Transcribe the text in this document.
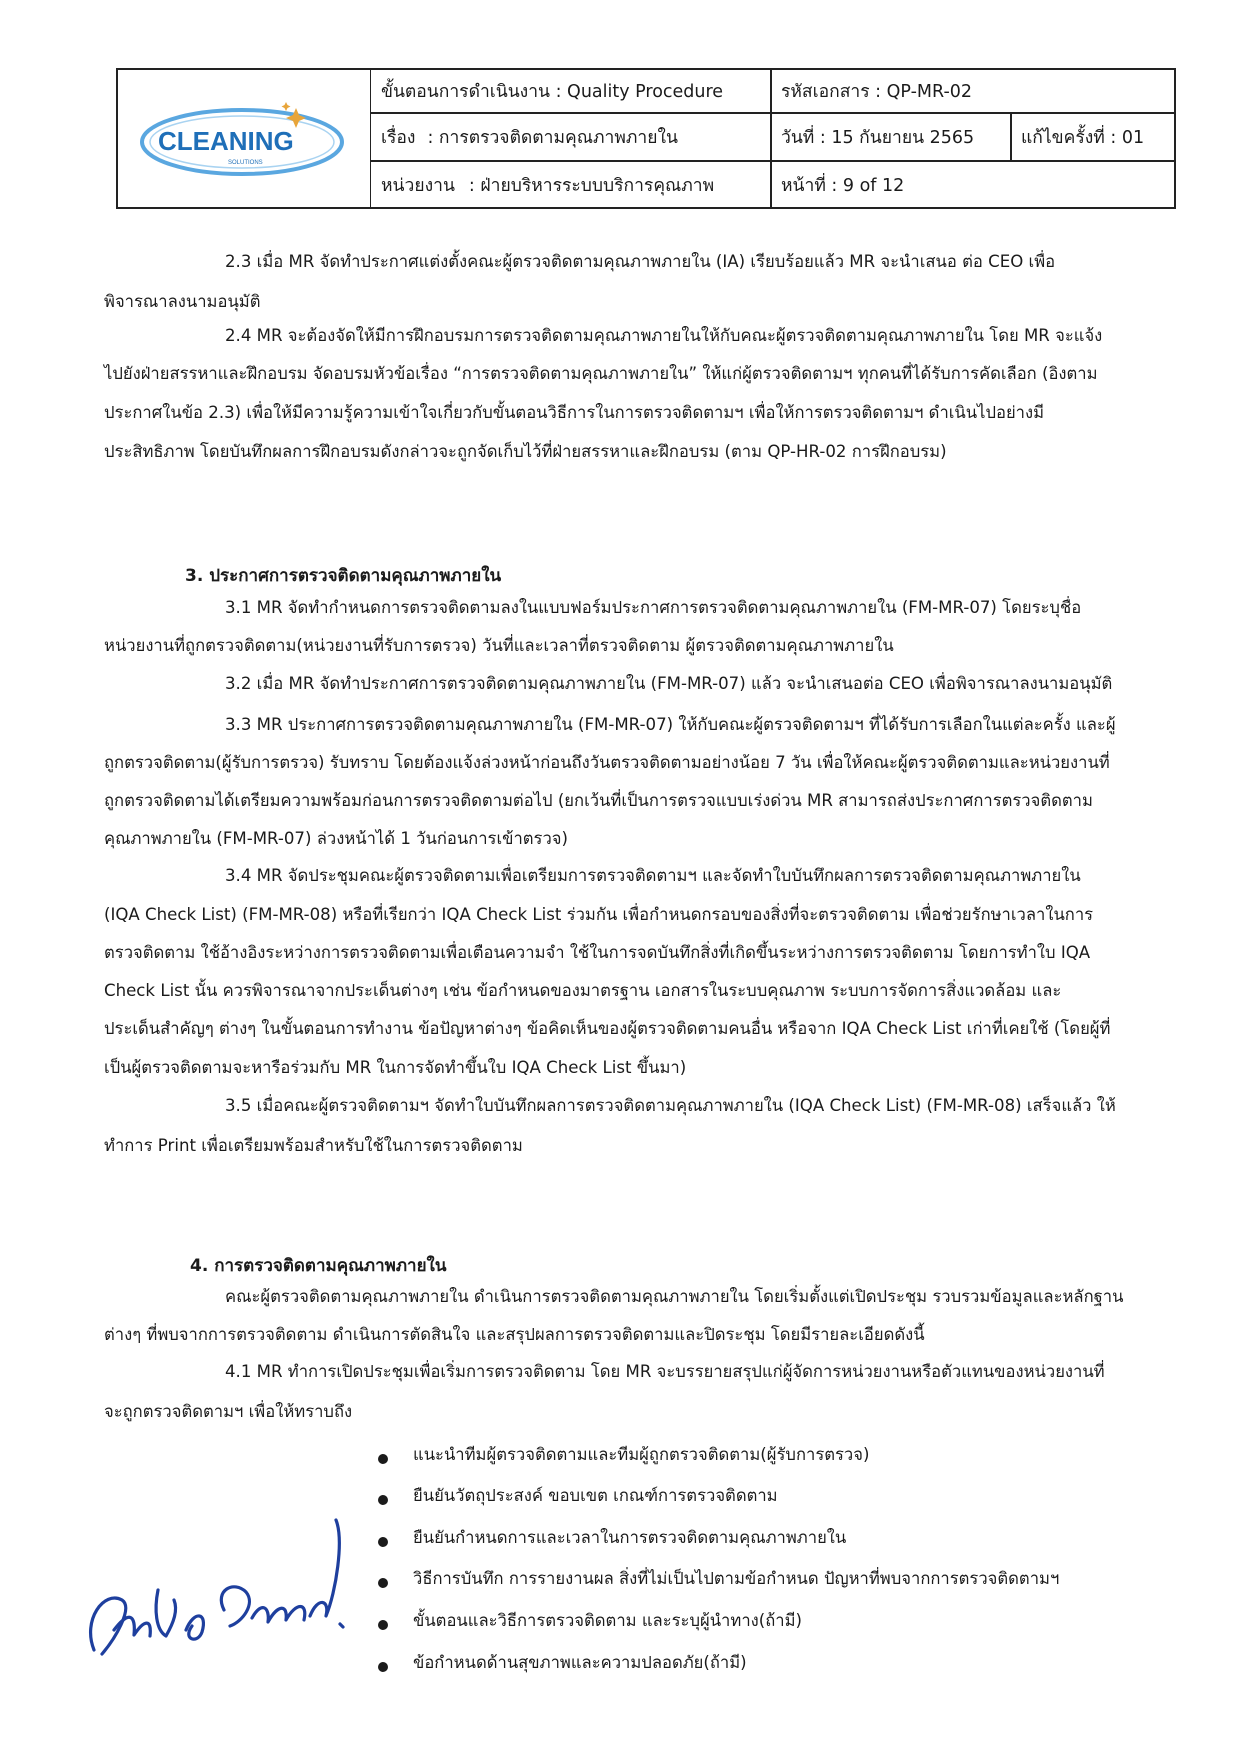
CLEANING
SOLUTIONS
ขั้นตอนการดำเนินงาน : Quality Procedure	รหัสเอกสาร : QP-MR-02
เรื่อง : การตรวจติดตามคุณภาพภายใน	วันที่ : 15 กันยายน 2565	แก้ไขครั้งที่ : 01
หน่วยงาน : ฝ่ายบริหารระบบบริการคุณภาพ	หน้าที่ : 9 of 12
2.3 เมื่อ MR จัดทำประกาศแต่งตั้งคณะผู้ตรวจติดตามคุณภาพภายใน (IA) เรียบร้อยแล้ว MR จะนำเสนอ ต่อ CEO เพื่อ
พิจารณาลงนามอนุมัติ
2.4 MR จะต้องจัดให้มีการฝึกอบรมการตรวจติดตามคุณภาพภายในให้กับคณะผู้ตรวจติดตามคุณภาพภายใน โดย MR จะแจ้ง
ไปยังฝ่ายสรรหาและฝึกอบรม จัดอบรมหัวข้อเรื่อง “การตรวจติดตามคุณภาพภายใน” ให้แก่ผู้ตรวจติดตามฯ ทุกคนที่ได้รับการคัดเลือก (อิงตาม
ประกาศในข้อ 2.3) เพื่อให้มีความรู้ความเข้าใจเกี่ยวกับขั้นตอนวิธีการในการตรวจติดตามฯ เพื่อให้การตรวจติดตามฯ ดำเนินไปอย่างมี
ประสิทธิภาพ โดยบันทึกผลการฝึกอบรมดังกล่าวจะถูกจัดเก็บไว้ที่ฝ่ายสรรหาและฝึกอบรม (ตาม QP-HR-02 การฝึกอบรม)
3. ประกาศการตรวจติดตามคุณภาพภายใน
3.1 MR จัดทำกำหนดการตรวจติดตามลงในแบบฟอร์มประกาศการตรวจติดตามคุณภาพภายใน (FM-MR-07) โดยระบุชื่อ
หน่วยงานที่ถูกตรวจติดตาม(หน่วยงานที่รับการตรวจ) วันที่และเวลาที่ตรวจติดตาม ผู้ตรวจติดตามคุณภาพภายใน
3.2 เมื่อ MR จัดทำประกาศการตรวจติดตามคุณภาพภายใน (FM-MR-07) แล้ว จะนำเสนอต่อ CEO เพื่อพิจารณาลงนามอนุมัติ
3.3 MR ประกาศการตรวจติดตามคุณภาพภายใน (FM-MR-07) ให้กับคณะผู้ตรวจติดตามฯ ที่ได้รับการเลือกในแต่ละครั้ง และผู้
ถูกตรวจติดตาม(ผู้รับการตรวจ) รับทราบ โดยต้องแจ้งล่วงหน้าก่อนถึงวันตรวจติดตามอย่างน้อย 7 วัน เพื่อให้คณะผู้ตรวจติดตามและหน่วยงานที่
ถูกตรวจติดตามได้เตรียมความพร้อมก่อนการตรวจติดตามต่อไป (ยกเว้นที่เป็นการตรวจแบบเร่งด่วน MR สามารถส่งประกาศการตรวจติดตาม
คุณภาพภายใน (FM-MR-07) ล่วงหน้าได้ 1 วันก่อนการเข้าตรวจ)
3.4 MR จัดประชุมคณะผู้ตรวจติดตามเพื่อเตรียมการตรวจติดตามฯ และจัดทำใบบันทึกผลการตรวจติดตามคุณภาพภายใน
(IQA Check List) (FM-MR-08) หรือที่เรียกว่า IQA Check List ร่วมกัน เพื่อกำหนดกรอบของสิ่งที่จะตรวจติดตาม เพื่อช่วยรักษาเวลาในการ
ตรวจติดตาม ใช้อ้างอิงระหว่างการตรวจติดตามเพื่อเตือนความจำ ใช้ในการจดบันทึกสิ่งที่เกิดขึ้นระหว่างการตรวจติดตาม โดยการทำใบ IQA
Check List นั้น ควรพิจารณาจากประเด็นต่างๆ เช่น ข้อกำหนดของมาตรฐาน เอกสารในระบบคุณภาพ ระบบการจัดการสิ่งแวดล้อม และ
ประเด็นสำคัญๆ ต่างๆ ในขั้นตอนการทำงาน ข้อปัญหาต่างๆ ข้อคิดเห็นของผู้ตรวจติดตามคนอื่น หรือจาก IQA Check List เก่าที่เคยใช้ (โดยผู้ที่
เป็นผู้ตรวจติดตามจะหารือร่วมกับ MR ในการจัดทำขึ้นใบ IQA Check List ขึ้นมา)
3.5 เมื่อคณะผู้ตรวจติดตามฯ จัดทำใบบันทึกผลการตรวจติดตามคุณภาพภายใน (IQA Check List) (FM-MR-08) เสร็จแล้ว ให้
ทำการ Print เพื่อเตรียมพร้อมสำหรับใช้ในการตรวจติดตาม
4. การตรวจติดตามคุณภาพภายใน
คณะผู้ตรวจติดตามคุณภาพภายใน ดำเนินการตรวจติดตามคุณภาพภายใน โดยเริ่มตั้งแต่เปิดประชุม รวบรวมข้อมูลและหลักฐาน
ต่างๆ ที่พบจากการตรวจติดตาม ดำเนินการตัดสินใจ และสรุปผลการตรวจติดตามและปิดระชุม โดยมีรายละเอียดดังนี้
4.1 MR ทำการเปิดประชุมเพื่อเริ่มการตรวจติดตาม โดย MR จะบรรยายสรุปแก่ผู้จัดการหน่วยงานหรือตัวแทนของหน่วยงานที่
จะถูกตรวจติดตามฯ เพื่อให้ทราบถึง
แนะนำทีมผู้ตรวจติดตามและทีมผู้ถูกตรวจติดตาม(ผู้รับการตรวจ)
ยืนยันวัตถุประสงค์ ขอบเขต เกณฑ์การตรวจติดตาม
ยืนยันกำหนดการและเวลาในการตรวจติดตามคุณภาพภายใน
วิธีการบันทึก การรายงานผล สิ่งที่ไม่เป็นไปตามข้อกำหนด ปัญหาที่พบจากการตรวจติดตามฯ
ขั้นตอนและวิธีการตรวจติดตาม และระบุผู้นำทาง(ถ้ามี)
ข้อกำหนดด้านสุขภาพและความปลอดภัย(ถ้ามี)
